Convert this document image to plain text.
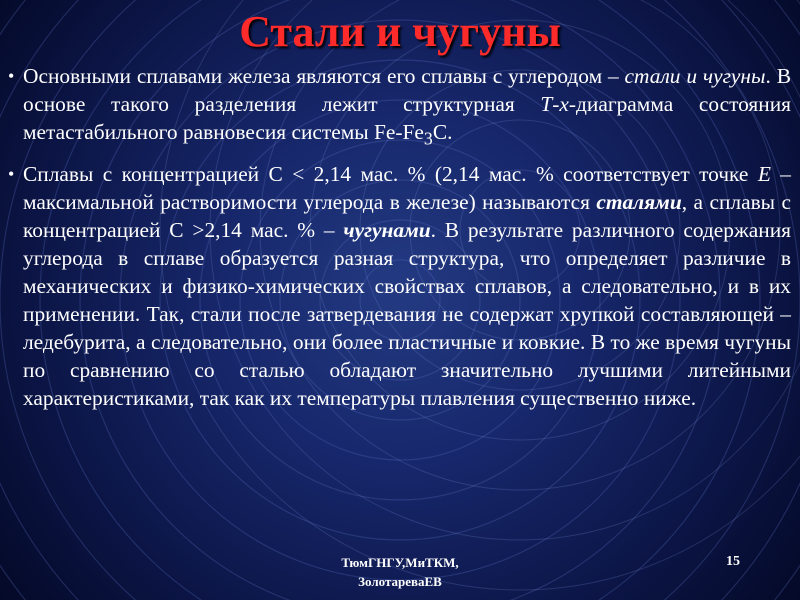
Стали и чугуны

• Основными сплавами железа являются его сплавы с углеродом – стали и чугуны. В основе такого разделения лежит структурная Т-х-диаграмма состояния метастабильного равновесия системы $Fe-Fe_3C$.

• Сплавы с концентрацией С < 2,14 мас. % (2,14 мас. % соответствует точке Е – максимальной растворимости углерода в железе) называются сталями, а сплавы с концентрацией С >2,14 мас. % – чугунами. В результате различного содержания углерода в сплаве образуется разная структура, что определяет различие в механических и физико-химических свойствах сплавов, а следовательно, и в их применении. Так, стали после затвердевания не содержат хрупкой составляющей – ледебурита, а следовательно, они более пластичные и ковкие. В то же время чугуны по сравнению со сталью обладают значительно лучшими литейными характеристиками, так как их температуры плавления существенно ниже.

ТюмГНГУ,МиТКМ,
ЗолотареваЕВ
15
